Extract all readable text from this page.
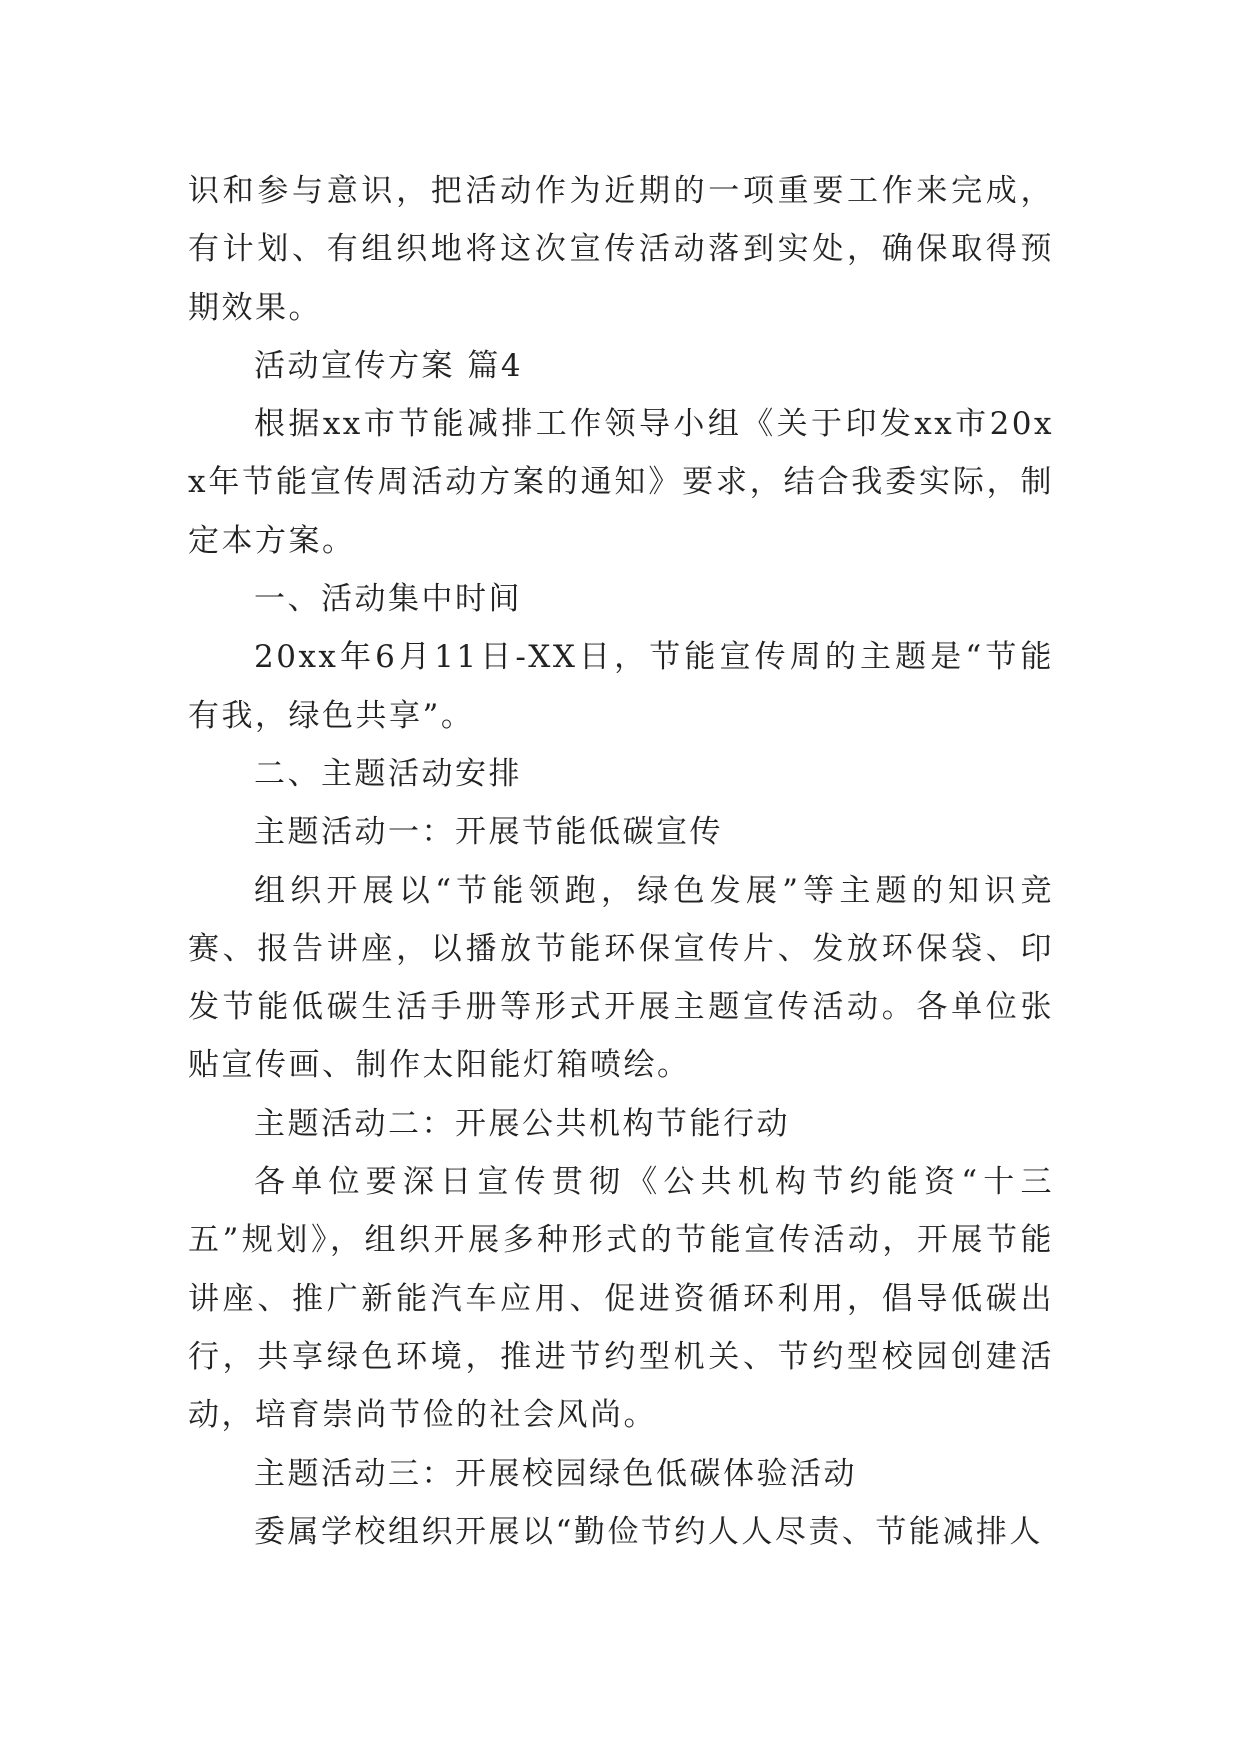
识和参与意识，把活动作为近期的一项重要工作来完成，有计划、有组织地将这次宣传活动落到实处，确保取得预期效果。

活动宣传方案 篇4

根据xx市节能减排工作领导小组《关于印发xx市20xx年节能宣传周活动方案的通知》要求，结合我委实际，制定本方案。

一、活动集中时间

20xx年6月11日-XX日，节能宣传周的主题是“节能有我，绿色共享”。

二、主题活动安排

主题活动一：开展节能低碳宣传

组织开展以“节能领跑，绿色发展”等主题的知识竞赛、报告讲座，以播放节能环保宣传片、发放环保袋、印发节能低碳生活手册等形式开展主题宣传活动。各单位张贴宣传画、制作太阳能灯箱喷绘。

主题活动二：开展公共机构节能行动

各单位要深日宣传贯彻《公共机构节约能资“十三五”规划》，组织开展多种形式的节能宣传活动，开展节能讲座、推广新能汽车应用、促进资循环利用，倡导低碳出行，共享绿色环境，推进节约型机关、节约型校园创建活动，培育崇尚节俭的社会风尚。

主题活动三：开展校园绿色低碳体验活动

委属学校组织开展以“勤俭节约人人尽责、节能减排人
